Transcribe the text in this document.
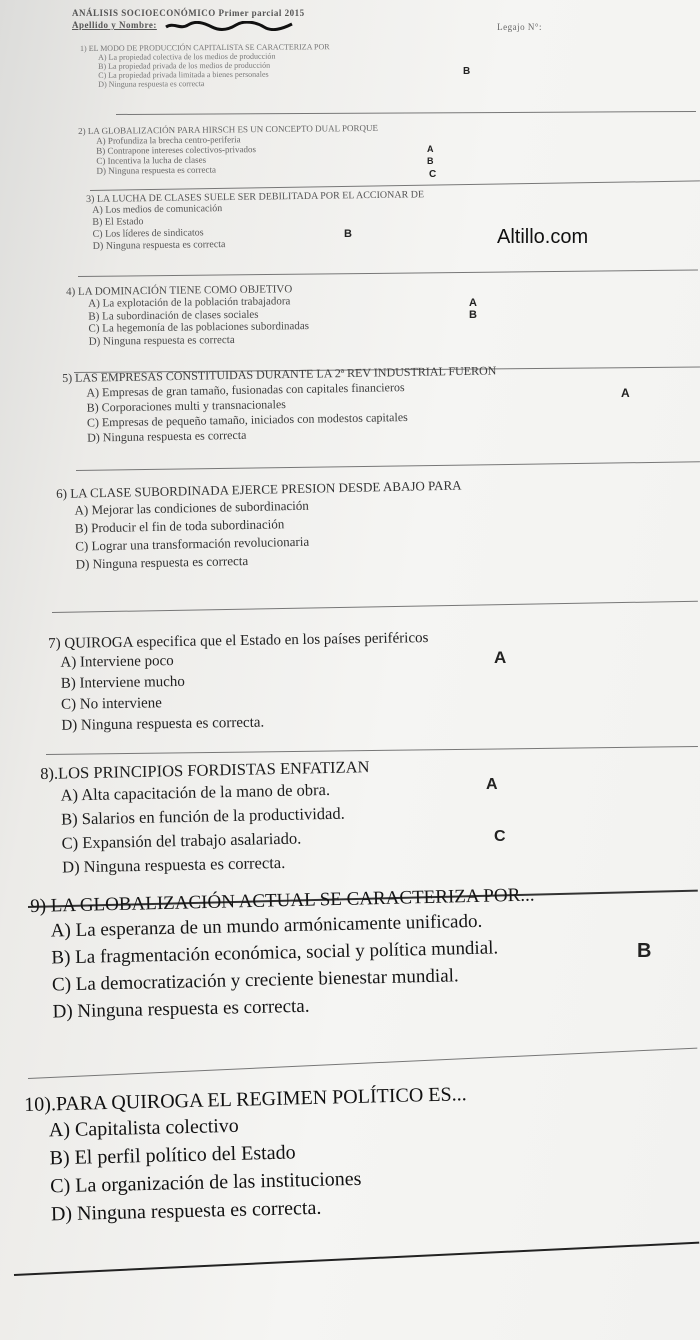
ANÁLISIS SOCIOECONÓMICO Primer parcial 2015
Apellido y Nombre:	Legajo N°:
Altillo.com
1) EL MODO DE PRODUCCIÓN CAPITALISTA SE CARACTERIZA POR
A) La propiedad colectiva de los medios de producción
B) La propiedad privada de los medios de producción
C) La propiedad privada limitada a bienes personales
D) Ninguna respuesta es correcta
B
2) LA GLOBALIZACIÓN PARA HIRSCH ES UN CONCEPTO DUAL PORQUE
A) Profundiza la brecha centro-periferia
B) Contrapone intereses colectivos-privados
C) Incentiva la lucha de clases
D) Ninguna respuesta es correcta
A
B
C
3) LA LUCHA DE CLASES SUELE SER DEBILITADA POR EL ACCIONAR DE
A) Los medios de comunicación
B) El Estado
C) Los líderes de sindicatos
D) Ninguna respuesta es correcta
B
4) LA DOMINACIÓN TIENE COMO OBJETIVO
A) La explotación de la población trabajadora
B) La subordinación de clases sociales
C) La hegemonía de las poblaciones subordinadas
D) Ninguna respuesta es correcta
A
B
5) LAS EMPRESAS CONSTITUIDAS DURANTE LA 2ª REV INDUSTRIAL FUERON
A) Empresas de gran tamaño, fusionadas con capitales financieros
B) Corporaciones multi y transnacionales
C) Empresas de pequeño tamaño, iniciados con modestos capitales
D) Ninguna respuesta es correcta
A
6) LA CLASE SUBORDINADA EJERCE PRESION DESDE ABAJO PARA
A) Mejorar las condiciones de subordinación
B) Producir el fin de toda subordinación
C) Lograr una transformación revolucionaria
D) Ninguna respuesta es correcta
7) QUIROGA especifica que el Estado en los países periféricos
A) Interviene poco
B) Interviene mucho
C) No interviene
D) Ninguna respuesta es correcta.
A
8).LOS PRINCIPIOS FORDISTAS ENFATIZAN
A) Alta capacitación de la mano de obra.
B) Salarios en función de la productividad.
C) Expansión del trabajo asalariado.
D) Ninguna respuesta es correcta.
A
C
9) LA GLOBALIZACIÓN ACTUAL SE CARACTERIZA POR...
A) La esperanza de un mundo armónicamente unificado.
B) La fragmentación económica, social y política mundial.
C) La democratización y creciente bienestar mundial.
D) Ninguna respuesta es correcta.
B
10).PARA QUIROGA EL REGIMEN POLÍTICO ES...
A) Capitalista colectivo
B) El perfil político del Estado
C) La organización de las instituciones
D) Ninguna respuesta es correcta.
